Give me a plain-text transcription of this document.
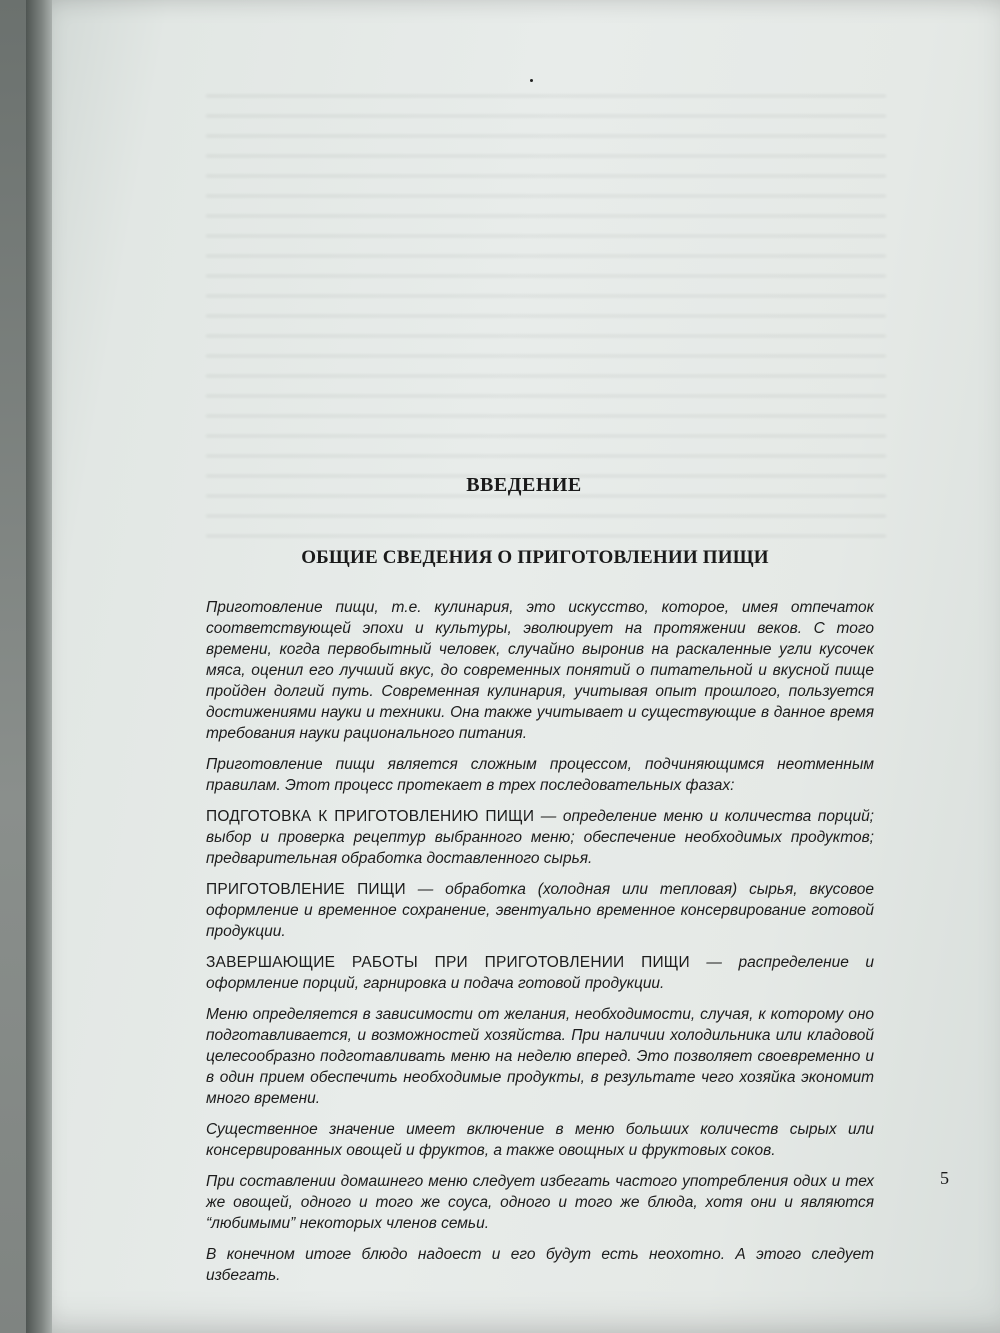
ВВЕДЕНИЕ
ОБЩИЕ СВЕДЕНИЯ О ПРИГОТОВЛЕНИИ ПИЩИ

Приготовление пищи, т.е. кулинария, это искусство, которое, имея отпечаток соответствующей эпохи и культуры, эволюирует на протяжении веков. С того времени, когда первобытный человек, случайно выронив на раскаленные угли кусочек мяса, оценил его лучший вкус, до современных понятий о питательной и вкусной пище пройден долгий путь. Современная кулинария, учитывая опыт прошлого, пользуется достижениями науки и техники. Она также учитывает и существующие в данное время требования науки рационального питания.

Приготовление пищи является сложным процессом, подчиняющимся неотменным правилам. Этот процесс протекает в трех последовательных фазах:

ПОДГОТОВКА К ПРИГОТОВЛЕНИЮ ПИЩИ — определение меню и количества порций; выбор и проверка рецептур выбранного меню; обеспечение необходимых продуктов; предварительная обработка доставленного сырья.

ПРИГОТОВЛЕНИЕ ПИЩИ — обработка (холодная или тепловая) сырья, вкусовое оформление и временное сохранение, эвентуально временное консервирование готовой продукции.

ЗАВЕРШАЮЩИЕ РАБОТЫ ПРИ ПРИГОТОВЛЕНИИ ПИЩИ — распределение и оформление порций, гарнировка и подача готовой продукции.

Меню определяется в зависимости от желания, необходимости, случая, к которому оно подготавливается, и возможностей хозяйства. При наличии холодильника или кладовой целесообразно подготавливать меню на неделю вперед. Это позволяет своевременно и в один прием обеспечить необходимые продукты, в результате чего хозяйка экономит много времени.

Существенное значение имеет включение в меню больших количеств сырых или консервированных овощей и фруктов, а также овощных и фруктовых соков.

При составлении домашнего меню следует избегать частого употребления одих и тех же овощей, одного и того же соуса, одного и того же блюда, хотя они и являются “любимыми” некоторых членов семьи.

В конечном итоге блюдо надоест и его будут есть неохотно. А этого следует избегать.

5
